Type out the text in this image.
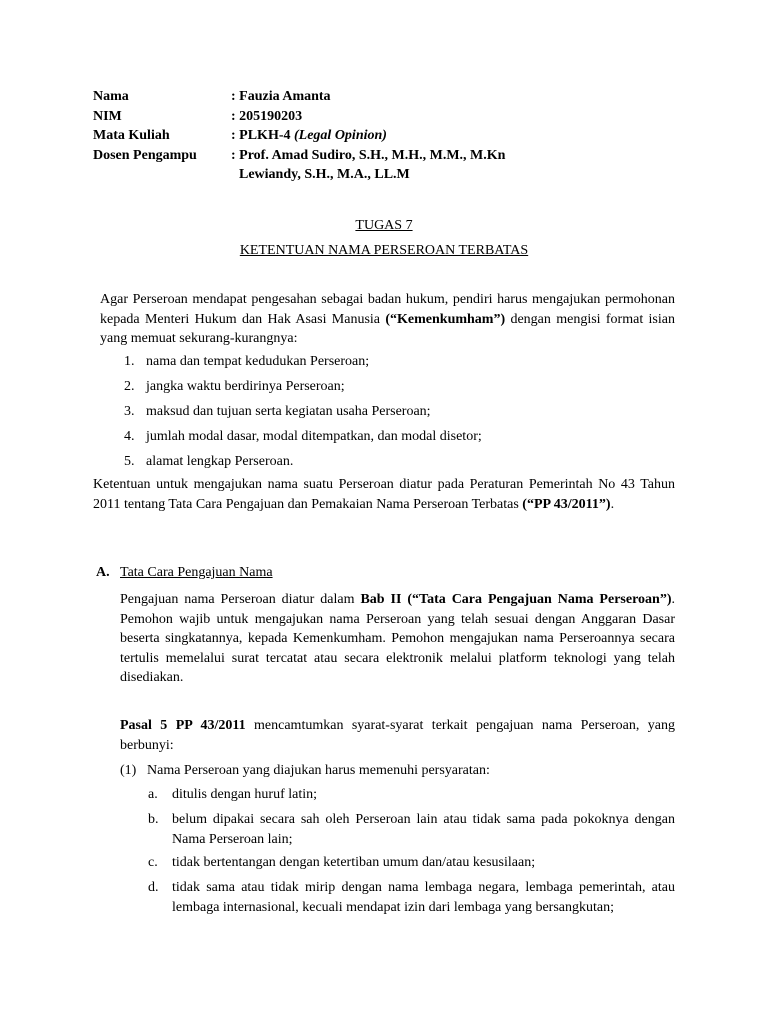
Nama	: Fauzia Amanta
NIM	: 205190203
Mata Kuliah	: PLKH-4 (Legal Opinion)
Dosen Pengampu	: Prof. Amad Sudiro, S.H., M.H., M.M., M.Kn
Lewiandy, S.H., M.A., LL.M
TUGAS 7
KETENTUAN NAMA PERSEROAN TERBATAS
Agar Perseroan mendapat pengesahan sebagai badan hukum, pendiri harus mengajukan permohonan kepada Menteri Hukum dan Hak Asasi Manusia (“Kemenkumham”) dengan mengisi format isian yang memuat sekurang-kurangnya:
1. nama dan tempat kedudukan Perseroan;
2. jangka waktu berdirinya Perseroan;
3. maksud dan tujuan serta kegiatan usaha Perseroan;
4. jumlah modal dasar, modal ditempatkan, dan modal disetor;
5. alamat lengkap Perseroan.
Ketentuan untuk mengajukan nama suatu Perseroan diatur pada Peraturan Pemerintah No 43 Tahun 2011 tentang Tata Cara Pengajuan dan Pemakaian Nama Perseroan Terbatas (“PP 43/2011”).
A. Tata Cara Pengajuan Nama
Pengajuan nama Perseroan diatur dalam Bab II (“Tata Cara Pengajuan Nama Perseroan”). Pemohon wajib untuk mengajukan nama Perseroan yang telah sesuai dengan Anggaran Dasar beserta singkatannya, kepada Kemenkumham. Pemohon mengajukan nama Perseroannya secara tertulis memelalui surat tercatat atau secara elektronik melalui platform teknologi yang telah disediakan.
Pasal 5 PP 43/2011 mencamtumkan syarat-syarat terkait pengajuan nama Perseroan, yang berbunyi:
(1) Nama Perseroan yang diajukan harus memenuhi persyaratan:
a. ditulis dengan huruf latin;
b. belum dipakai secara sah oleh Perseroan lain atau tidak sama pada pokoknya dengan Nama Perseroan lain;
c. tidak bertentangan dengan ketertiban umum dan/atau kesusilaan;
d. tidak sama atau tidak mirip dengan nama lembaga negara, lembaga pemerintah, atau lembaga internasional, kecuali mendapat izin dari lembaga yang bersangkutan;
